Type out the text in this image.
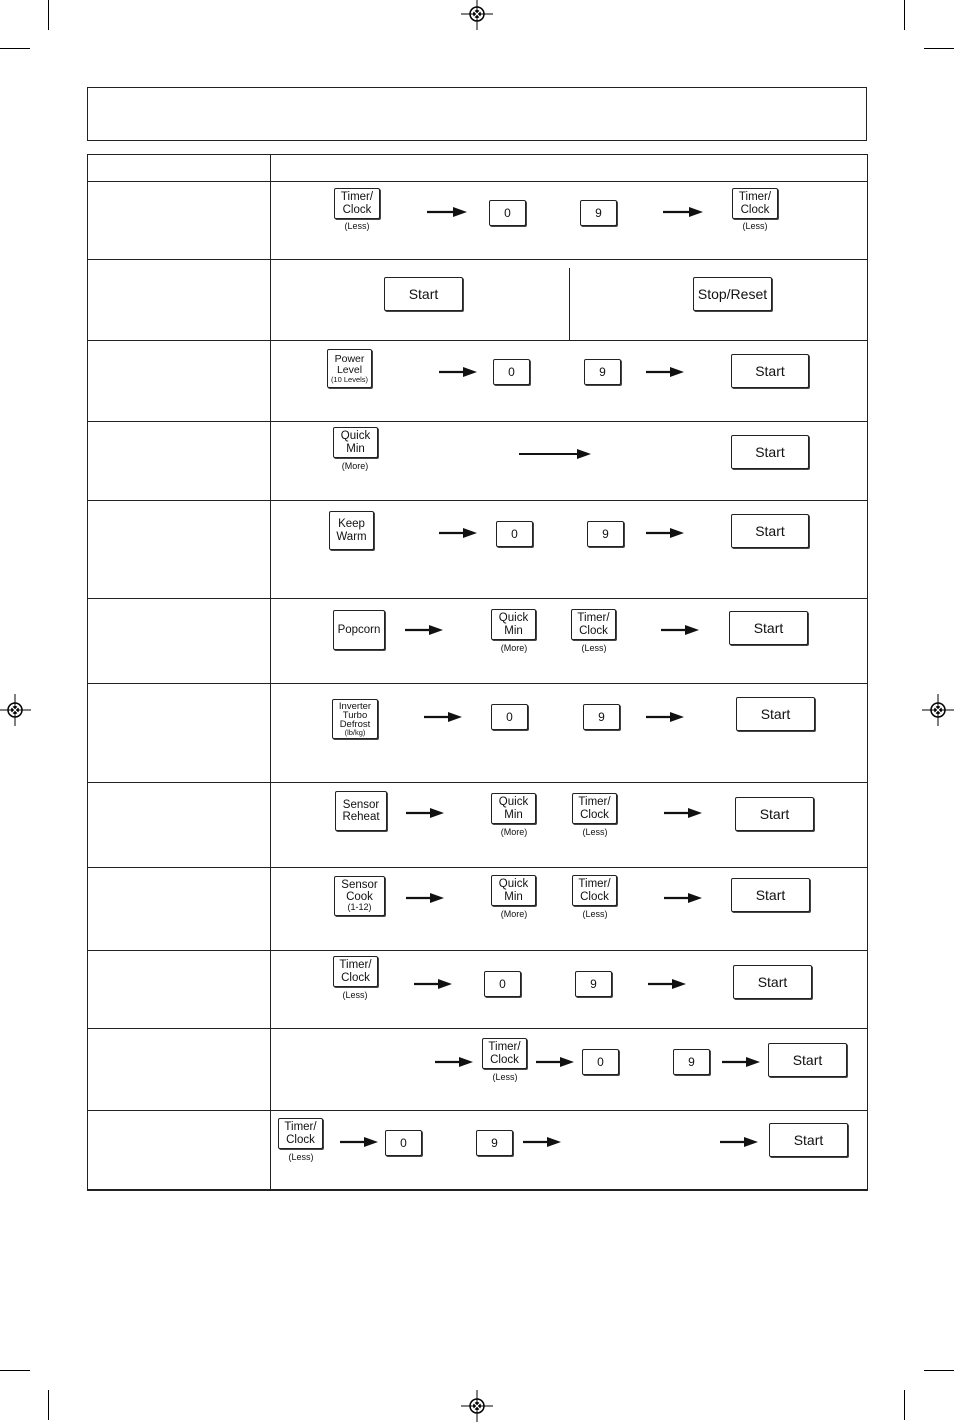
Timer/ Clock
(Less)
0	9
Timer/ Clock
(Less)
Start	Stop/Reset
Power Level
(10 Levels)
0	9	Start
Quick Min
(More)
Start
Keep Warm	0	9	Start
Popcorn
Quick Min
(More)
Timer/ Clock
(Less)
Start
Inverter Turbo Defrost
(lb/kg)
0	9	Start
Sensor Reheat
Quick Min
(More)
Timer/ Clock
(Less)
Start
Sensor Cook
(1-12)
Quick Min
(More)
Timer/ Clock
(Less)
Start
Timer/ Clock
(Less)
0	9	Start
Timer/ Clock
(Less)
0	9	Start
Timer/ Clock
(Less)
0	9	Start
